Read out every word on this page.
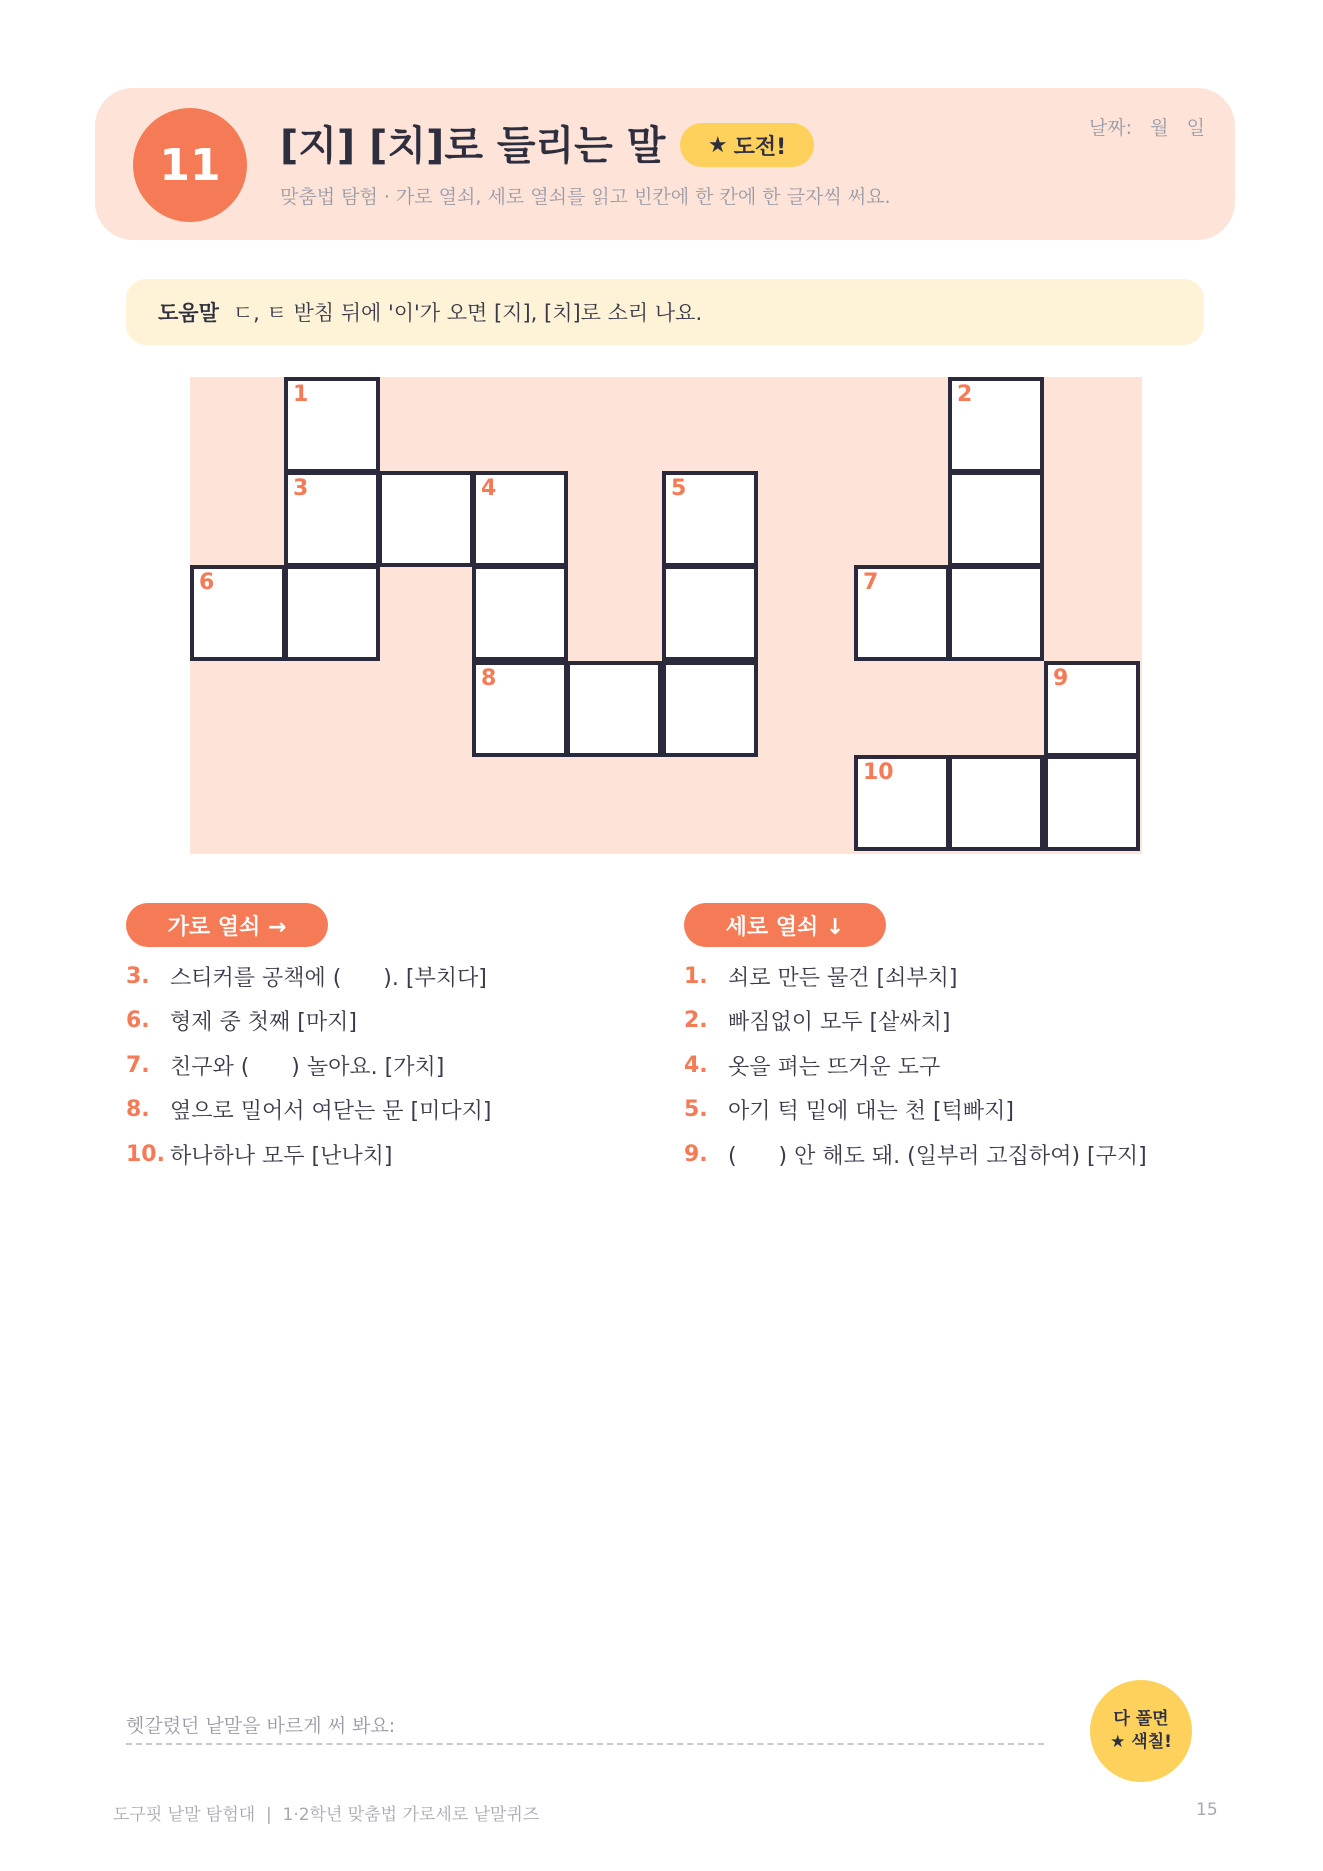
11	[지] [치]로 들리는 말 ★ 도전!
맞춤법 탐험 · 가로 열쇠, 세로 열쇠를 읽고 빈칸에 한 칸에 한 글자씩 써요.
날짜:   월   일
도움말 ㄷ, ㅌ 받침 뒤에 '이'가 오면 [지], [치]로 소리 나요.
1	2
3	4	5
6	7
8	9
10
가로 열쇠 →	세로 열쇠 ↓
3. 스티커를 공책에 (      ). [부치다]
6. 형제 중 첫째 [마지]
7. 친구와 (      ) 놀아요. [가치]
8. 옆으로 밀어서 여닫는 문 [미다지]
10. 하나하나 모두 [난나치]
1. 쇠로 만든 물건 [쇠부치]
2. 빠짐없이 모두 [샅싸치]
4. 옷을 펴는 뜨거운 도구
5. 아기 턱 밑에 대는 천 [턱빠지]
9. (      ) 안 해도 돼. (일부러 고집하여) [구지]
헷갈렸던 낱말을 바르게 써 봐요:	다 풀면
★ 색칠!
도구핏 낱말 탐험대  |  1·2학년 맞춤법 가로세로 낱말퀴즈	15
